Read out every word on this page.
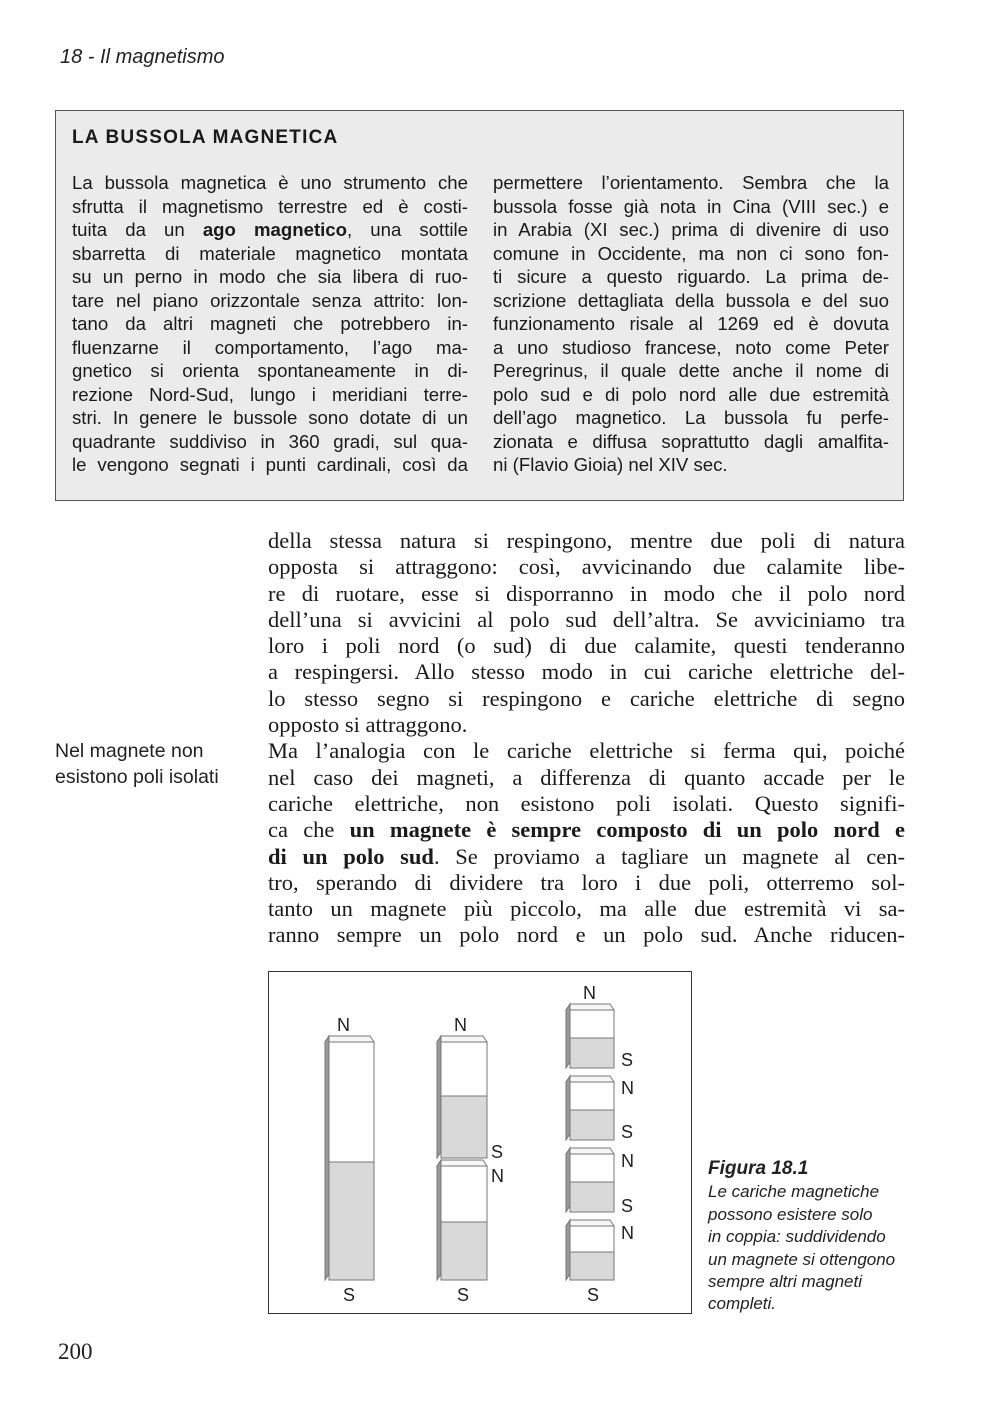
18 - Il magnetismo
LA BUSSOLA MAGNETICA
La bussola magnetica è uno strumento che
sfrutta il magnetismo terrestre ed è costi-
tuita da un ago magnetico, una sottile
sbarretta di materiale magnetico montata
su un perno in modo che sia libera di ruo-
tare nel piano orizzontale senza attrito: lon-
tano da altri magneti che potrebbero in-
fluenzarne il comportamento, l’ago ma-
gnetico si orienta spontaneamente in di-
rezione Nord-Sud, lungo i meridiani terre-
stri. In genere le bussole sono dotate di un
quadrante suddiviso in 360 gradi, sul qua-
le vengono segnati i punti cardinali, così da
permettere l’orientamento. Sembra che la
bussola fosse già nota in Cina (VIII sec.) e
in Arabia (XI sec.) prima di divenire di uso
comune in Occidente, ma non ci sono fon-
ti sicure a questo riguardo. La prima de-
scrizione dettagliata della bussola e del suo
funzionamento risale al 1269 ed è dovuta
a uno studioso francese, noto come Peter
Peregrinus, il quale dette anche il nome di
polo sud e di polo nord alle due estremità
dell’ago magnetico. La bussola fu perfe-
zionata e diffusa soprattutto dagli amalfita-
ni (Flavio Gioia) nel XIV sec.
Nel magnete non
esistono poli isolati
della stessa natura si respingono, mentre due poli di natura
opposta si attraggono: così, avvicinando due calamite libe-
re di ruotare, esse si disporranno in modo che il polo nord
dell’una si avvicini al polo sud dell’altra. Se avviciniamo tra
loro i poli nord (o sud) di due calamite, questi tenderanno
a respingersi. Allo stesso modo in cui cariche elettriche del-
lo stesso segno si respingono e cariche elettriche di segno
opposto si attraggono.
Ma l’analogia con le cariche elettriche si ferma qui, poiché
nel caso dei magneti, a differenza di quanto accade per le
cariche elettriche, non esistono poli isolati. Questo signifi-
ca che un magnete è sempre composto di un polo nord e
di un polo sud. Se proviamo a tagliare un magnete al cen-
tro, sperando di dividere tra loro i due poli, otterremo sol-
tanto un magnete più piccolo, ma alle due estremità vi sa-
ranno sempre un polo nord e un polo sud. Anche riducen-
N
S
N
S
N
S
N
S
N
S
N
S
N
S
Figura 18.1
Le cariche magnetiche
possono esistere solo
in coppia: suddividendo
un magnete si ottengono
sempre altri magneti
completi.
200
